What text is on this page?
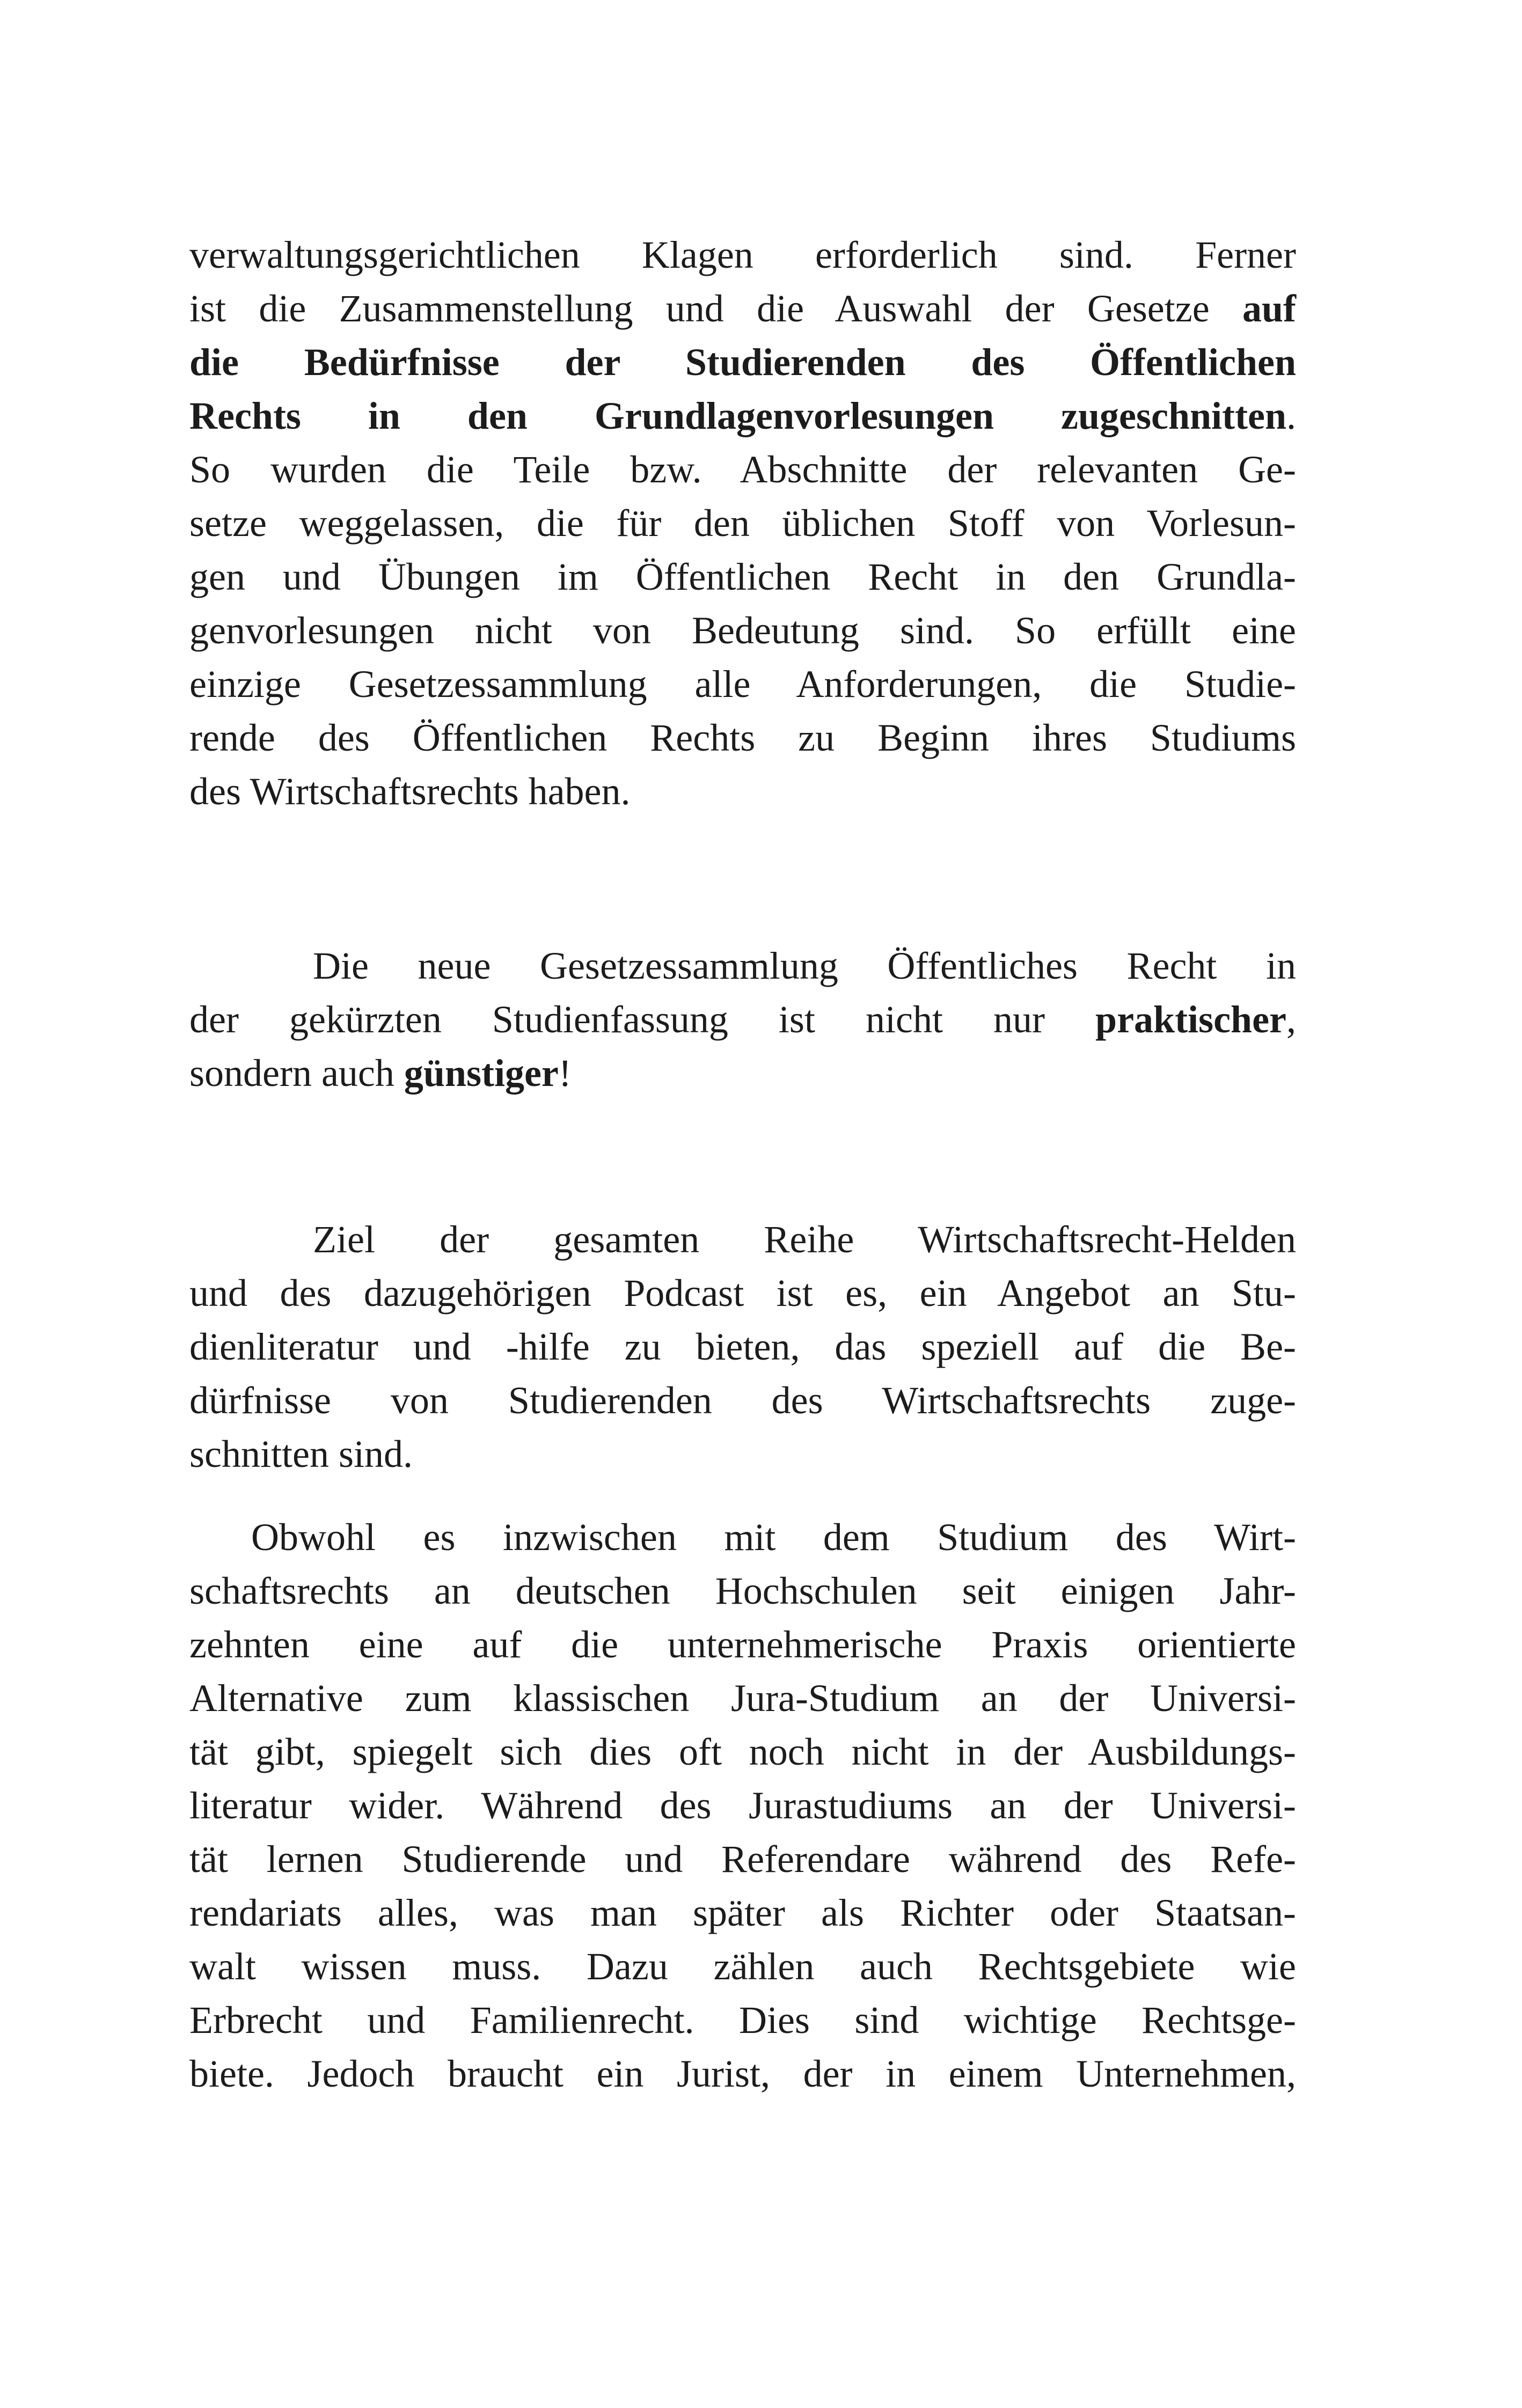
verwaltungsgerichtlichen Klagen erforderlich sind. Ferner
ist die Zusammenstellung und die Auswahl der Gesetze auf
die Bedürfnisse der Studierenden des Öffentlichen
Rechts in den Grundlagenvorlesungen zugeschnitten.
So wurden die Teile bzw. Abschnitte der relevanten Ge-
setze weggelassen, die für den üblichen Stoff von Vorlesun-
gen und Übungen im Öffentlichen Recht in den Grundla-
genvorlesungen nicht von Bedeutung sind. So erfüllt eine
einzige Gesetzessammlung alle Anforderungen, die Studie-
rende des Öffentlichen Rechts zu Beginn ihres Studiums
des Wirtschaftsrechts haben.
Die neue Gesetzessammlung Öffentliches Recht in
der gekürzten Studienfassung ist nicht nur praktischer,
sondern auch günstiger!
Ziel der gesamten Reihe Wirtschaftsrecht-Helden
und des dazugehörigen Podcast ist es, ein Angebot an Stu-
dienliteratur und -hilfe zu bieten, das speziell auf die Be-
dürfnisse von Studierenden des Wirtschaftsrechts zuge-
schnitten sind.
Obwohl es inzwischen mit dem Studium des Wirt-
schaftsrechts an deutschen Hochschulen seit einigen Jahr-
zehnten eine auf die unternehmerische Praxis orientierte
Alternative zum klassischen Jura-Studium an der Universi-
tät gibt, spiegelt sich dies oft noch nicht in der Ausbildungs-
literatur wider. Während des Jurastudiums an der Universi-
tät lernen Studierende und Referendare während des Refe-
rendariats alles, was man später als Richter oder Staatsan-
walt wissen muss. Dazu zählen auch Rechtsgebiete wie
Erbrecht und Familienrecht. Dies sind wichtige Rechtsge-
biete. Jedoch braucht ein Jurist, der in einem Unternehmen,
